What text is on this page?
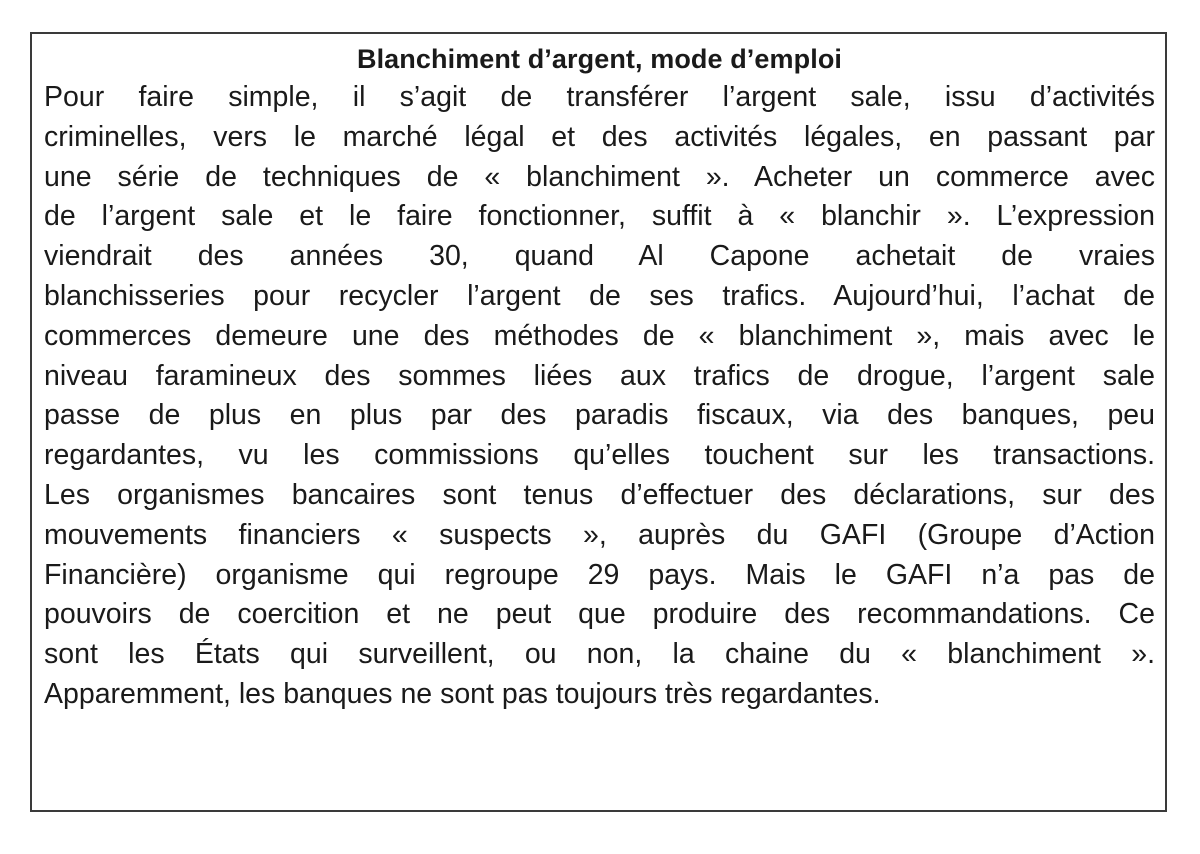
Blanchiment d’argent, mode d’emploi
Pour faire simple, il s’agit de transférer l’argent sale, issu d’activités
criminelles, vers le marché légal et des activités légales, en passant par
une série de techniques de « blanchiment ». Acheter un commerce avec
de l’argent sale et le faire fonctionner, suffit à « blanchir ». L’expression
viendrait des années 30, quand Al Capone achetait de vraies
blanchisseries pour recycler l’argent de ses trafics. Aujourd’hui, l’achat de
commerces demeure une des méthodes de « blanchiment », mais avec le
niveau faramineux des sommes liées aux trafics de drogue, l’argent sale
passe de plus en plus par des paradis fiscaux, via des banques, peu
regardantes, vu les commissions qu’elles touchent sur les transactions.
Les organismes bancaires sont tenus d’effectuer des déclarations, sur des
mouvements financiers « suspects », auprès du GAFI (Groupe d’Action
Financière) organisme qui regroupe 29 pays. Mais le GAFI n’a pas de
pouvoirs de coercition et ne peut que produire des recommandations. Ce
sont les États qui surveillent, ou non, la chaine du « blanchiment ».
Apparemment, les banques ne sont pas toujours très regardantes.
